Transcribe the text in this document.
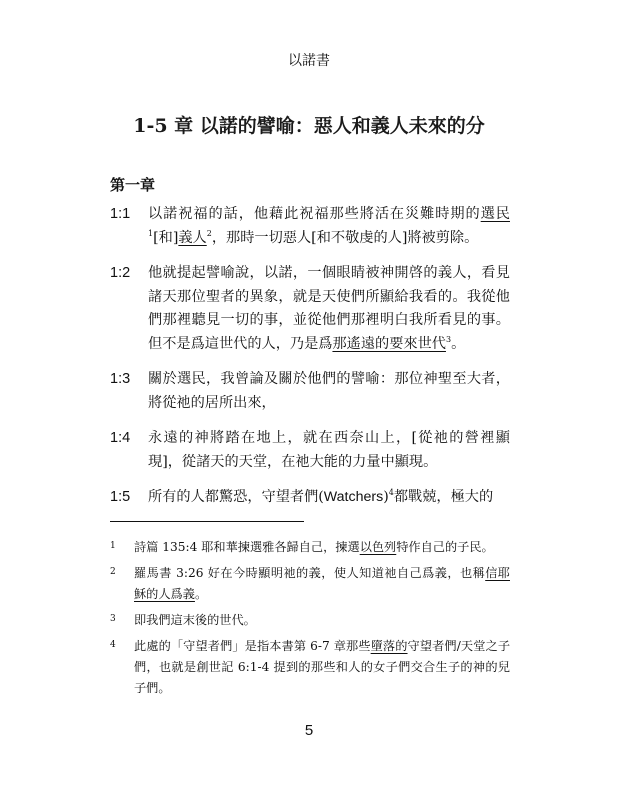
以諾書
1-5 章 以諾的譬喻：惡人和義人未來的分
第一章
1:1	以諾祝福的話，他藉此祝福那些將活在災難時期的選民$^1$[和]義人$^2$，那時一切惡人[和不敬虔的人]將被剪除。
1:2	他就提起譬喻說，以諾，一個眼睛被神開啓的義人，看見諸天那位聖者的異象，就是天使們所顯給我看的。我從他們那裡聽見一切的事，並從他們那裡明白我所看見的事。但不是爲這世代的人，乃是爲那遙遠的要來世代$^3$。
1:3	關於選民，我曾論及關於他們的譬喻：那位神聖至大者，將從祂的居所出來，
1:4	永遠的神將踏在地上，就在西奈山上，[從祂的營裡顯現]，從諸天的天堂，在祂大能的力量中顯現。
1:5	所有的人都驚恐，守望者們(Watchers)$^4$都戰兢，極大的
1	詩篇 135:4 耶和華揀選雅各歸自己，揀選以色列特作自己的子民。
2	羅馬書 3:26 好在今時顯明祂的義，使人知道祂自己爲義，也稱信耶穌的人爲義。
3	即我們這末後的世代。
4	此處的「守望者們」是指本書第 6-7 章那些墮落的守望者們/天堂之子們，也就是創世記 6:1-4 提到的那些和人的女子們交合生子的神的兒子們。
5
